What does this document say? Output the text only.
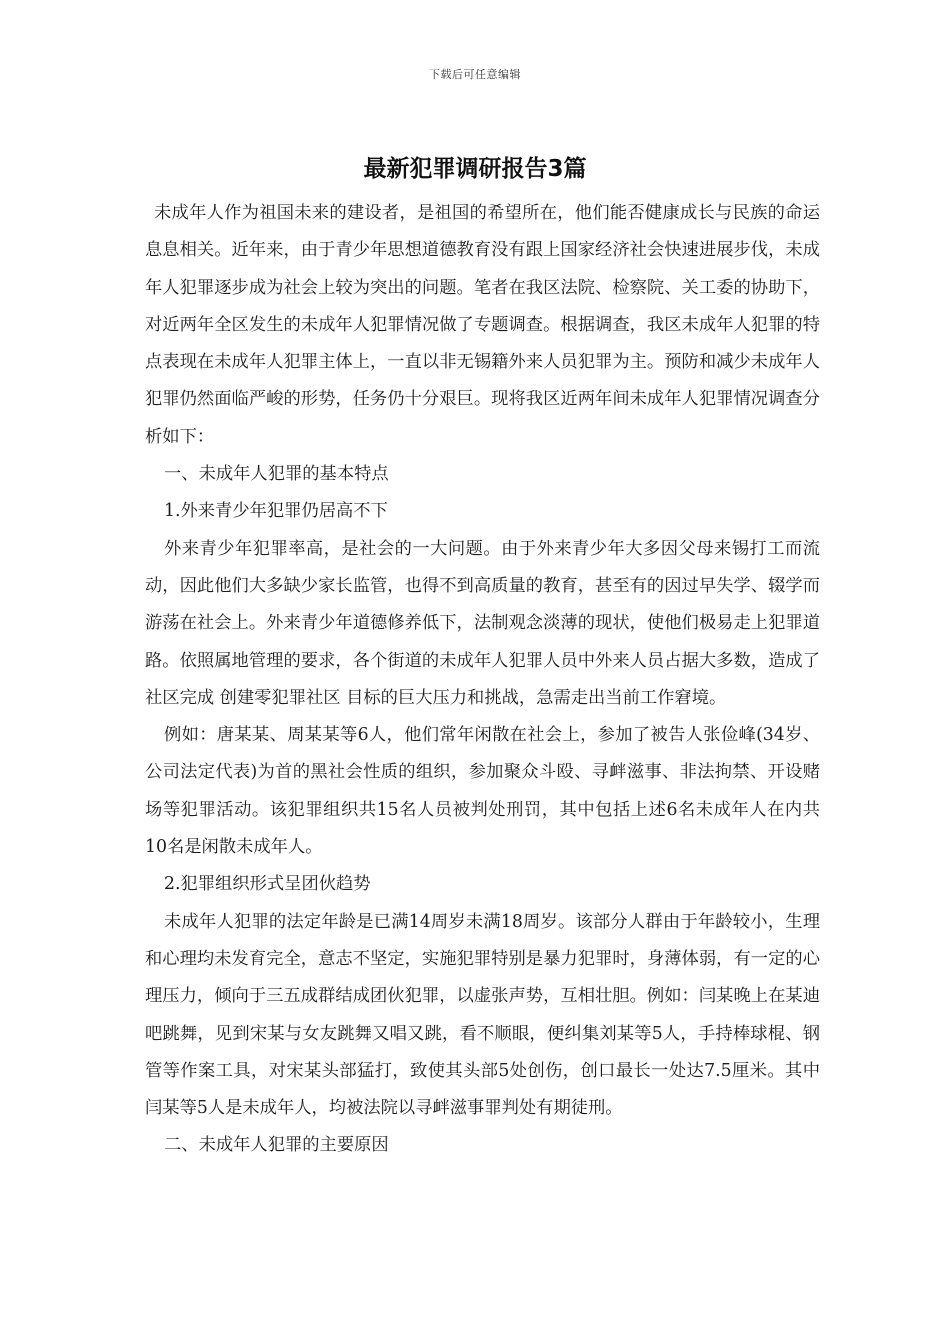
下载后可任意编辑
最新犯罪调研报告3篇

未成年人作为祖国未来的建设者，是祖国的希望所在，他们能否健康成长与民族的命运息息相关。近年来，由于青少年思想道德教育没有跟上国家经济社会快速进展步伐，未成年人犯罪逐步成为社会上较为突出的问题。笔者在我区法院、检察院、关工委的协助下，对近两年全区发生的未成年人犯罪情况做了专题调查。根据调查，我区未成年人犯罪的特点表现在未成年人犯罪主体上，一直以非无锡籍外来人员犯罪为主。预防和减少未成年人犯罪仍然面临严峻的形势，任务仍十分艰巨。现将我区近两年间未成年人犯罪情况调查分析如下：

一、未成年人犯罪的基本特点

1.外来青少年犯罪仍居高不下

外来青少年犯罪率高，是社会的一大问题。由于外来青少年大多因父母来锡打工而流动，因此他们大多缺少家长监管，也得不到高质量的教育，甚至有的因过早失学、辍学而游荡在社会上。外来青少年道德修养低下，法制观念淡薄的现状，使他们极易走上犯罪道路。依照属地管理的要求，各个街道的未成年人犯罪人员中外来人员占据大多数，造成了社区完成 创建零犯罪社区 目标的巨大压力和挑战，急需走出当前工作窘境。

例如：唐某某、周某某等6人，他们常年闲散在社会上，参加了被告人张俭峰(34岁、公司法定代表)为首的黑社会性质的组织，参加聚众斗殴、寻衅滋事、非法拘禁、开设赌场等犯罪活动。该犯罪组织共15名人员被判处刑罚，其中包括上述6名未成年人在内共10名是闲散未成年人。

2.犯罪组织形式呈团伙趋势

未成年人犯罪的法定年龄是已满14周岁未满18周岁。该部分人群由于年龄较小，生理和心理均未发育完全，意志不坚定，实施犯罪特别是暴力犯罪时，身薄体弱，有一定的心理压力，倾向于三五成群结成团伙犯罪，以虚张声势，互相壮胆。例如：闫某晚上在某迪吧跳舞，见到宋某与女友跳舞又唱又跳，看不顺眼，便纠集刘某等5人，手持棒球棍、钢管等作案工具，对宋某头部猛打，致使其头部5处创伤，创口最长一处达7.5厘米。其中闫某等5人是未成年人，均被法院以寻衅滋事罪判处有期徒刑。

二、未成年人犯罪的主要原因
